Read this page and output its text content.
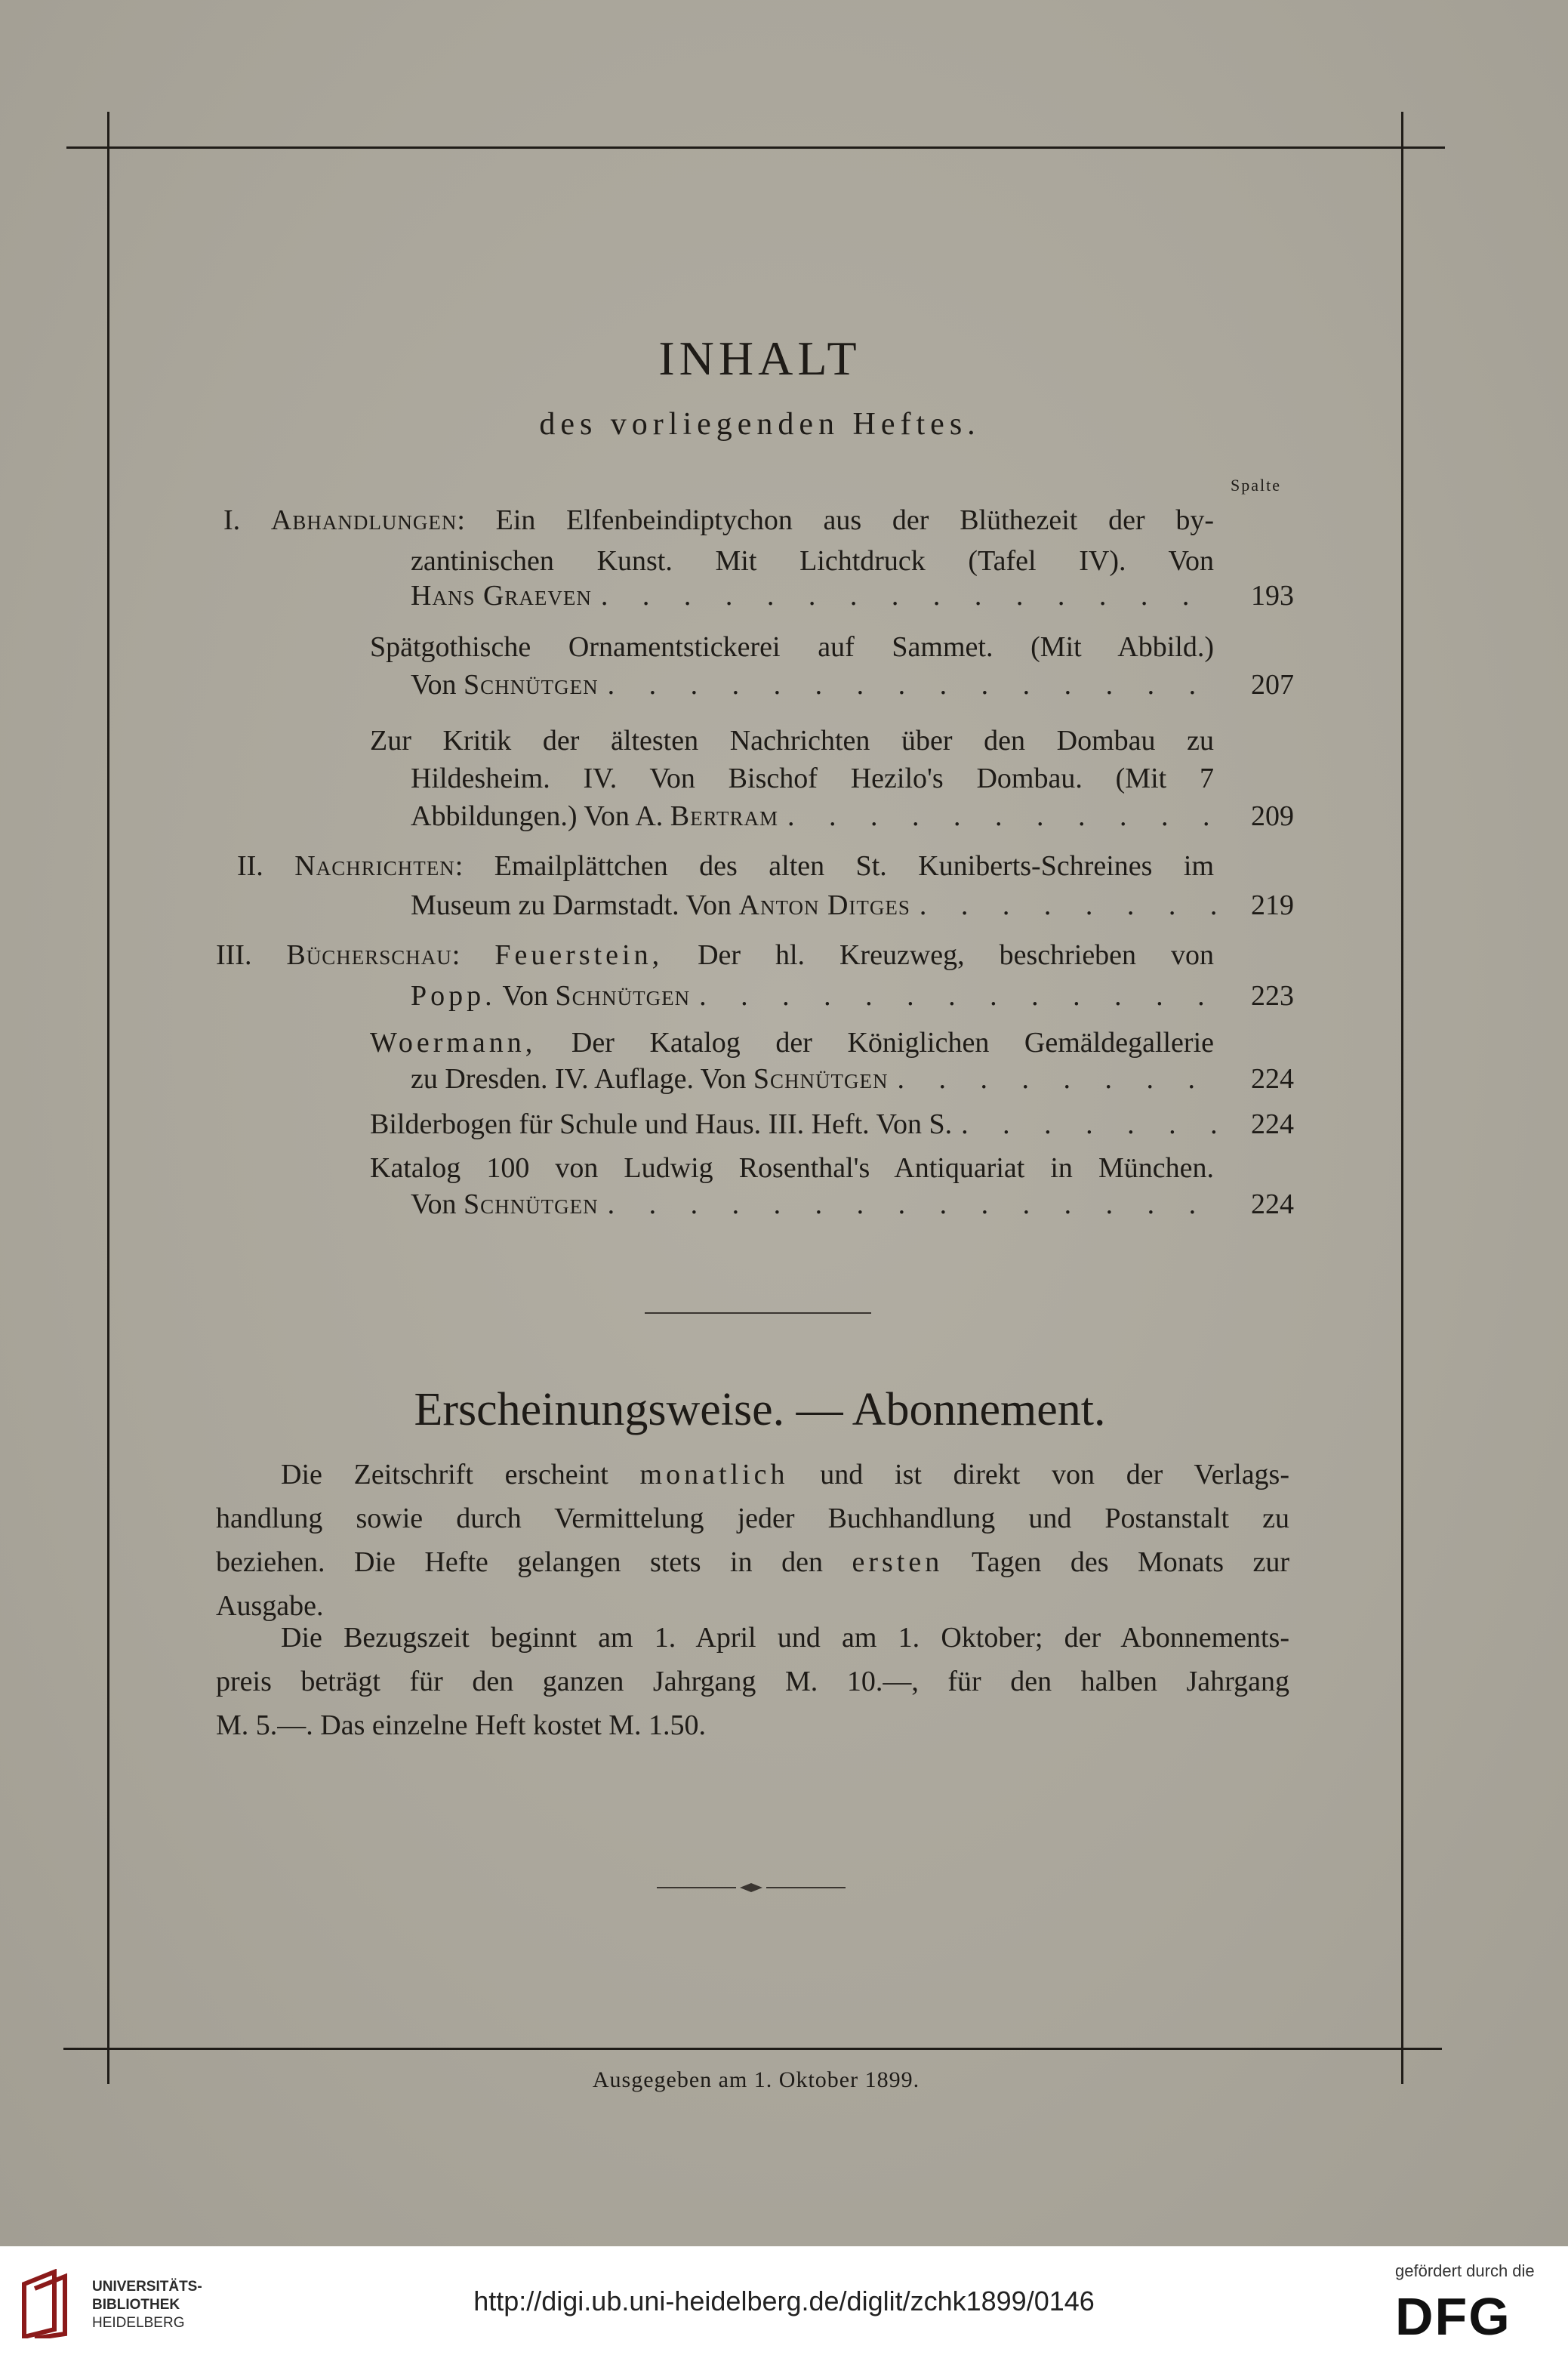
INHALT
des vorliegenden Heftes.
Spalte
I. Abhandlungen: Ein Elfenbeindiptychon aus der Blüthezeit der by-
zantinischen Kunst. Mit Lichtdruck (Tafel IV). Von
Hans Graeven . . .	193
Spätgothische Ornamentstickerei auf Sammet. (Mit Abbild.)
Von Schnütgen . . .	207
Zur Kritik der ältesten Nachrichten über den Dombau zu
Hildesheim. IV. Von Bischof Hezilo's Dombau. (Mit 7
Abbildungen.) Von A. Bertram . . .	209
II. Nachrichten: Emailplättchen des alten St. Kuniberts-Schreines im
Museum zu Darmstadt. Von Anton Ditges . . .	219
III. Bücherschau: Feuerstein, Der hl. Kreuzweg, beschrieben von
Popp. Von Schnütgen . . .	223
Woermann, Der Katalog der Königlichen Gemäldegallerie
zu Dresden. IV. Auflage. Von Schnütgen . . .	224
Bilderbogen für Schule und Haus. III. Heft. Von S. . . .	224
Katalog 100 von Ludwig Rosenthal's Antiquariat in München.
Von Schnütgen . . .	224
Erscheinungsweise. — Abonnement.
Die Zeitschrift erscheint monatlich und ist direkt von der Verlags-
handlung sowie durch Vermittelung jeder Buchhandlung und Postanstalt zu
beziehen. Die Hefte gelangen stets in den ersten Tagen des Monats zur
Ausgabe.
Die Bezugszeit beginnt am 1. April und am 1. Oktober; der Abonnements-
preis beträgt für den ganzen Jahrgang M. 10.—, für den halben Jahrgang
M. 5.—. Das einzelne Heft kostet M. 1.50.
Ausgegeben am 1. Oktober 1899.
UNIVERSITÄTS-
BIBLIOTHEK
HEIDELBERG
http://digi.ub.uni-heidelberg.de/diglit/zchk1899/0146
gefördert durch die
DFG
